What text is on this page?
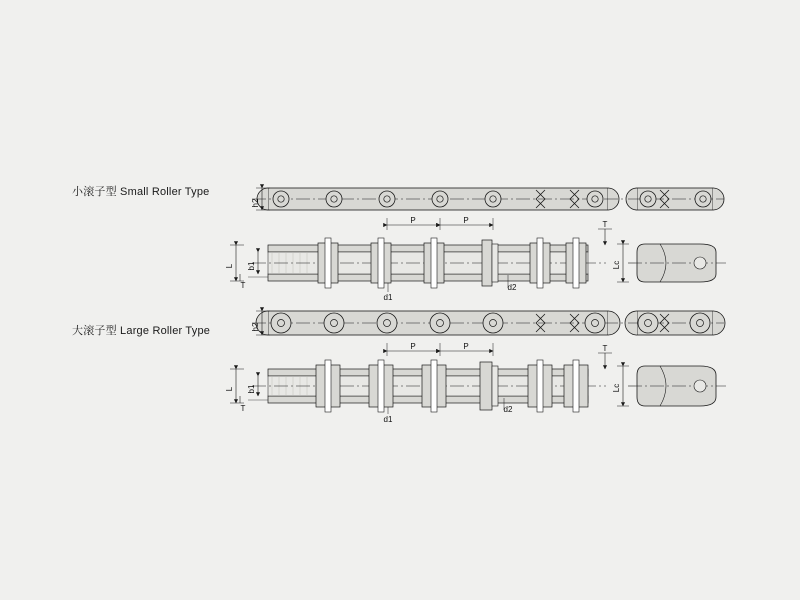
小滚子型 Small Roller Type
大滚子型 Large Roller Type
h2
P	P
L b1
T
T
d1
d2
Lc
h2
P	P
L b1
T
T
d1
d2
Lc
